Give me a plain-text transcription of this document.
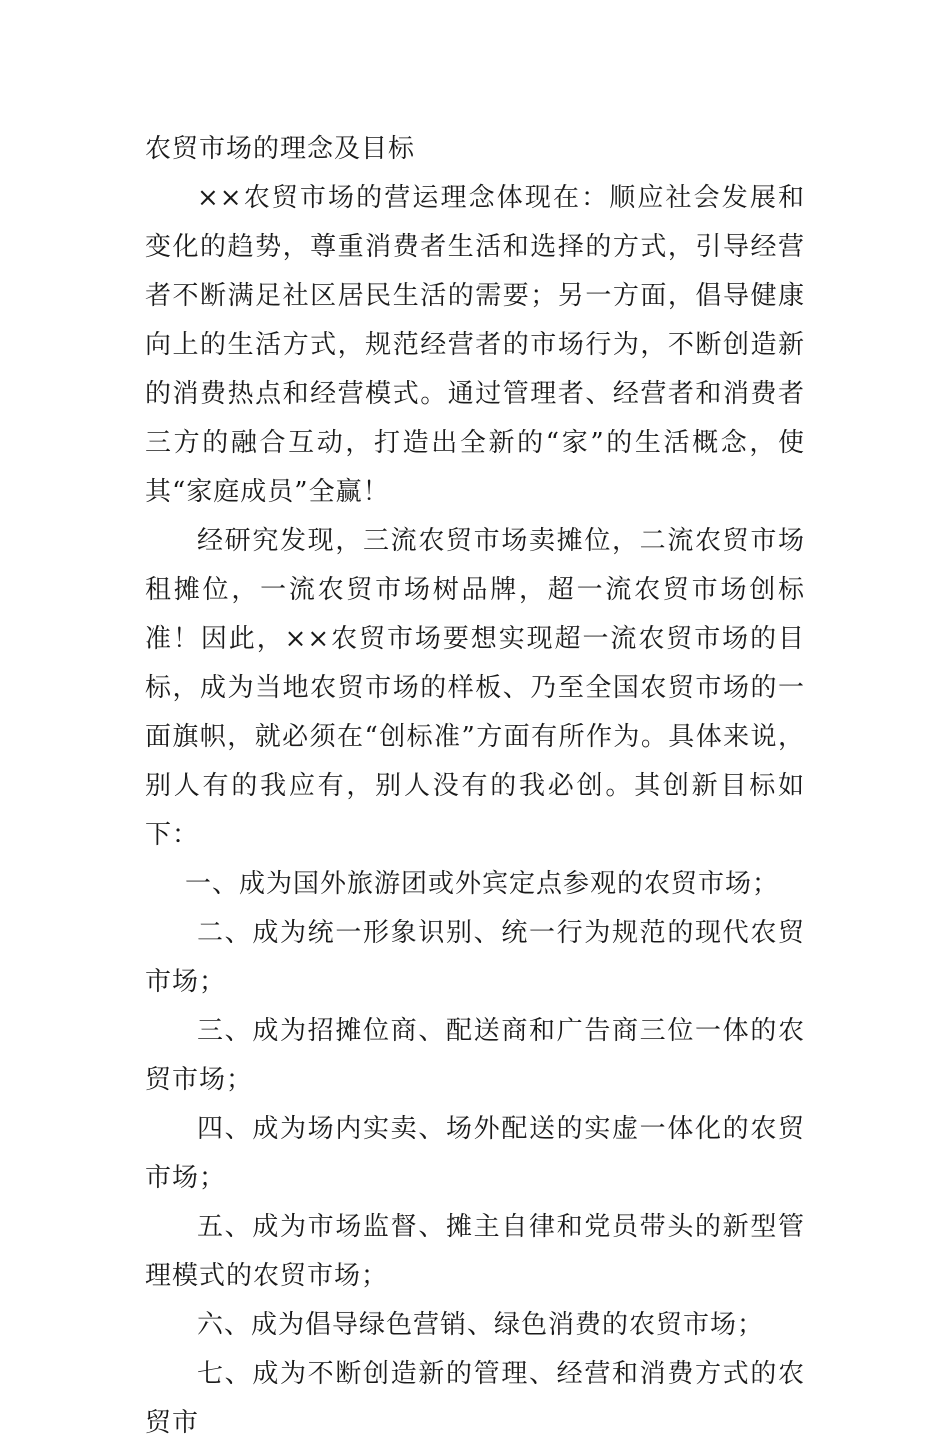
农贸市场的理念及目标

××农贸市场的营运理念体现在：顺应社会发展和变化的趋势，尊重消费者生活和选择的方式，引导经营者不断满足社区居民生活的需要；另一方面，倡导健康向上的生活方式，规范经营者的市场行为，不断创造新的消费热点和经营模式。通过管理者、经营者和消费者三方的融合互动，打造出全新的“家”的生活概念，使其“家庭成员”全赢！

经研究发现，三流农贸市场卖摊位，二流农贸市场租摊位，一流农贸市场树品牌，超一流农贸市场创标准！因此，××农贸市场要想实现超一流农贸市场的目标，成为当地农贸市场的样板、乃至全国农贸市场的一面旗帜，就必须在“创标准”方面有所作为。具体来说，别人有的我应有，别人没有的我必创。其创新目标如下：

一、成为国外旅游团或外宾定点参观的农贸市场；

二、成为统一形象识别、统一行为规范的现代农贸市场；

三、成为招摊位商、配送商和广告商三位一体的农贸市场；

四、成为场内实卖、场外配送的实虚一体化的农贸市场；

五、成为市场监督、摊主自律和党员带头的新型管理模式的农贸市场；

六、成为倡导绿色营销、绿色消费的农贸市场；

七、成为不断创造新的管理、经营和消费方式的农贸市
